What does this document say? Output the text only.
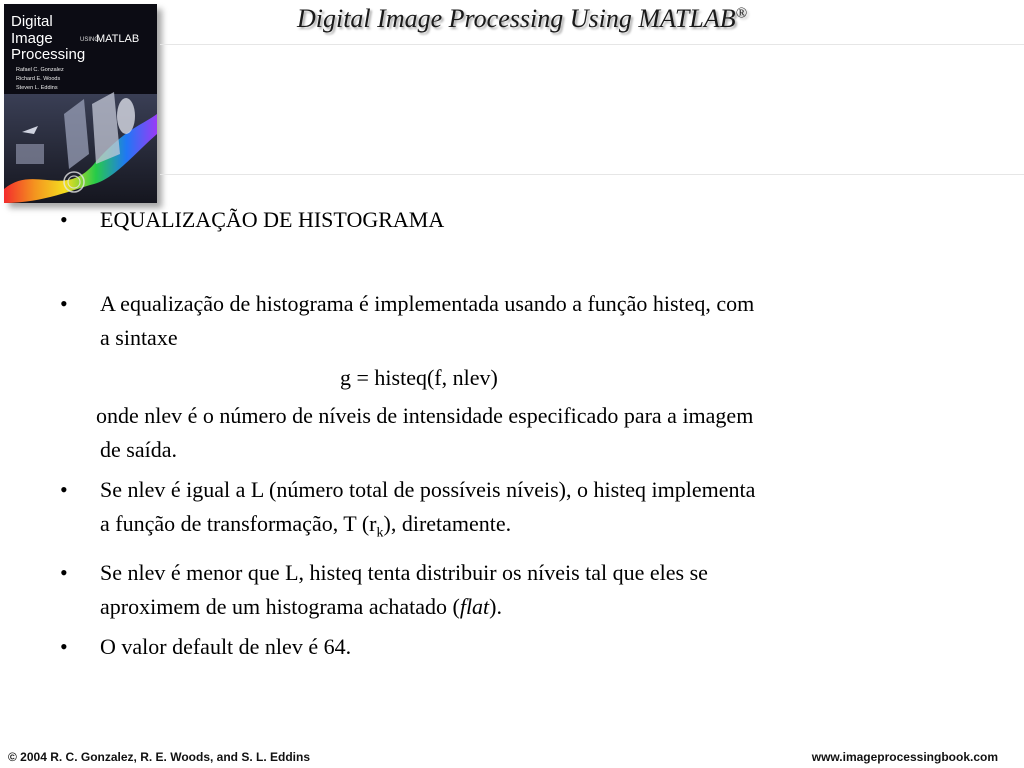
Digital
Image
Processing
USING
MATLAB
Rafael C. Gonzalez
Richard E. Woods
Steven L. Eddins
Digital Image Processing Using MATLAB®
•	EQUALIZAÇÃO DE HISTOGRAMA
•	A equalização de histograma é implementada usando a função histeq, com
a sintaxe
g = histeq(f, nlev)
onde nlev é o número de níveis de intensidade especificado para a imagem
de saída.
•	Se nlev é igual a L (número total de possíveis níveis), o histeq implementa
a função de transformação, T $(r_k)$, diretamente.
•	Se nlev é menor que L, histeq tenta distribuir os níveis tal que eles se
aproximem de um histograma achatado (flat).
•	O valor default de nlev é 64.
© 2004 R. C. Gonzalez, R. E. Woods, and S. L. Eddins	www.imageprocessingbook.com
